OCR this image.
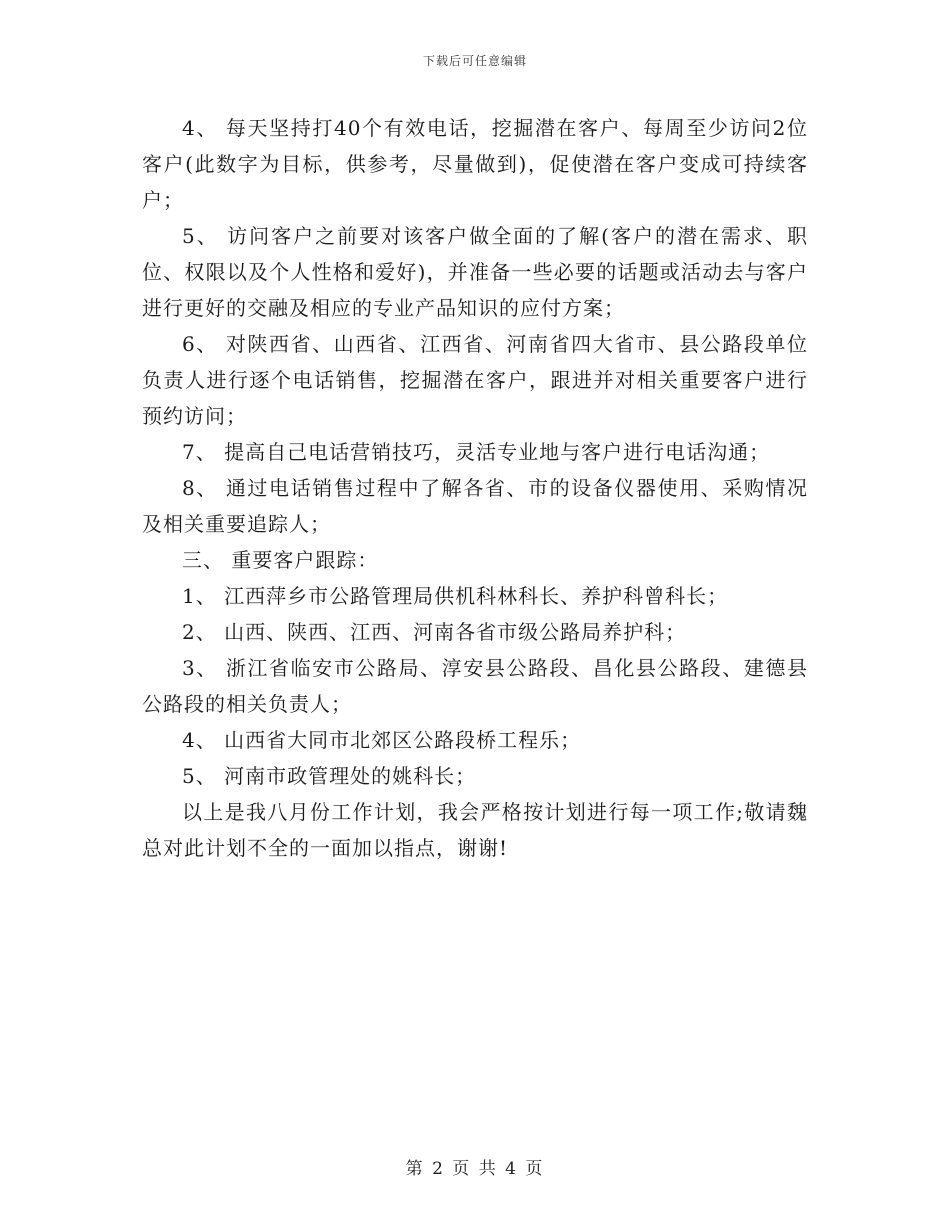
下载后可任意编辑

4、 每天坚持打40个有效电话，挖掘潜在客户、每周至少访问2位客户(此数字为目标，供参考，尽量做到)，促使潜在客户变成可持续客户；

5、 访问客户之前要对该客户做全面的了解(客户的潜在需求、职位、权限以及个人性格和爱好)，并准备一些必要的话题或活动去与客户进行更好的交融及相应的专业产品知识的应付方案；

6、 对陕西省、山西省、江西省、河南省四大省市、县公路段单位负责人进行逐个电话销售，挖掘潜在客户，跟进并对相关重要客户进行预约访问；

7、 提高自己电话营销技巧，灵活专业地与客户进行电话沟通；

8、 通过电话销售过程中了解各省、市的设备仪器使用、采购情况及相关重要追踪人；

三、 重要客户跟踪：

1、 江西萍乡市公路管理局供机科林科长、养护科曾科长；

2、 山西、陕西、江西、河南各省市级公路局养护科；

3、 浙江省临安市公路局、淳安县公路段、昌化县公路段、建德县公路段的相关负责人；

4、 山西省大同市北郊区公路段桥工程乐；

5、 河南市政管理处的姚科长；

以上是我八月份工作计划，我会严格按计划进行每一项工作;敬请魏总对此计划不全的一面加以指点，谢谢!

第 2 页 共 4 页
